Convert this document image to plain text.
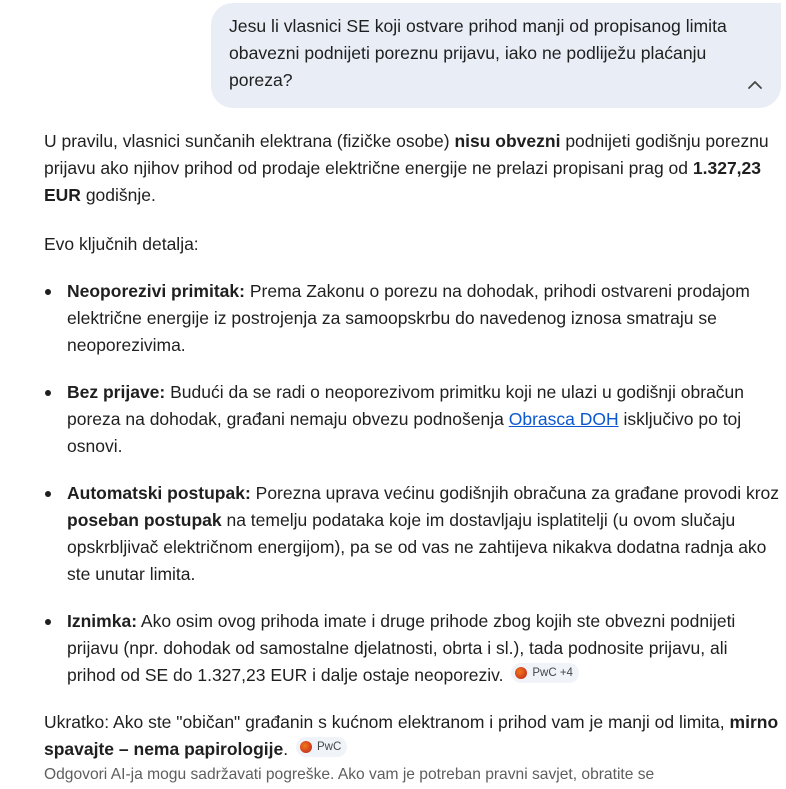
Jesu li vlasnici SE koji ostvare prihod manji od propisanog limita obavezni podnijeti poreznu prijavu, iako ne podliježu plaćanju poreza?

U pravilu, vlasnici sunčanih elektrana (fizičke osobe) nisu obvezni podnijeti godišnju poreznu prijavu ako njihov prihod od prodaje električne energije ne prelazi propisani prag od 1.327,23 EUR godišnje.

Evo ključnih detalja:

Neoporezivi primitak: Prema Zakonu o porezu na dohodak, prihodi ostvareni prodajom električne energije iz postrojenja za samoopskrbu do navedenog iznosa smatraju se neoporezivima.
Bez prijave: Budući da se radi o neoporezivom primitku koji ne ulazi u godišnji obračun poreza na dohodak, građani nemaju obvezu podnošenja Obrasca DOH isključivo po toj osnovi.
Automatski postupak: Porezna uprava većinu godišnjih obračuna za građane provodi kroz poseban postupak na temelju podataka koje im dostavljaju isplatitelji (u ovom slučaju opskrbljivač električnom energijom), pa se od vas ne zahtijeva nikakva dodatna radnja ako ste unutar limita.
Iznimka: Ako osim ovog prihoda imate i druge prihode zbog kojih ste obvezni podnijeti prijavu (npr. dohodak od samostalne djelatnosti, obrta i sl.), tada podnosite prijavu, ali prihod od SE do 1.327,23 EUR i dalje ostaje neoporeziv.	PwC +4

Ukratko: Ako ste "običan" građanin s kućnom elektranom i prihod vam je manji od limita, mirno spavajte – nema papirologije.	PwC

Odgovori AI-ja mogu sadržavati pogreške. Ako vam je potreban pravni savjet, obratite se
